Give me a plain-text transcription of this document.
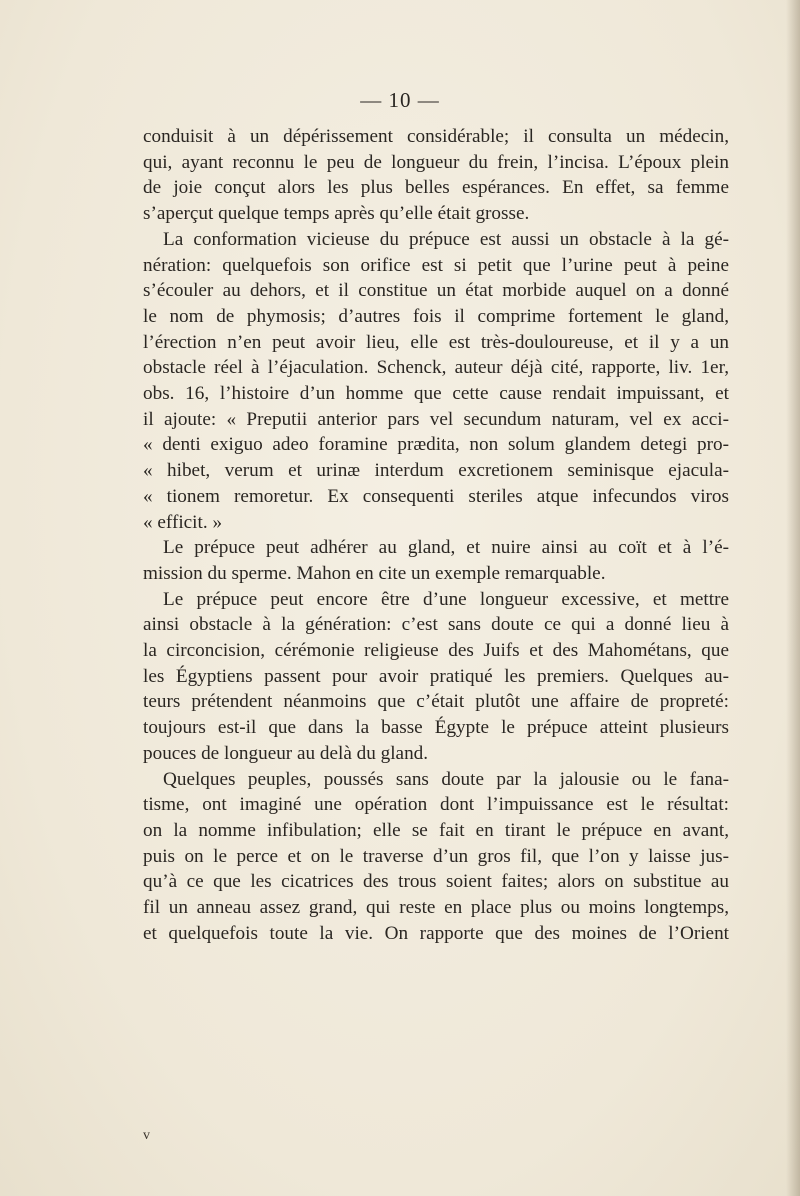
— 10 —
conduisit à un dépérissement considérable; il consulta un médecin,
qui, ayant reconnu le peu de longueur du frein, l’incisa. L’époux plein
de joie conçut alors les plus belles espérances. En effet, sa femme
s’aperçut quelque temps après qu’elle était grosse.
La conformation vicieuse du prépuce est aussi un obstacle à la gé-
nération: quelquefois son orifice est si petit que l’urine peut à peine
s’écouler au dehors, et il constitue un état morbide auquel on a donné
le nom de phymosis; d’autres fois il comprime fortement le gland,
l’érection n’en peut avoir lieu, elle est très-douloureuse, et il y a un
obstacle réel à l’éjaculation. Schenck, auteur déjà cité, rapporte, liv. 1er,
obs. 16, l’histoire d’un homme que cette cause rendait impuissant, et
il ajoute: « Preputii anterior pars vel secundum naturam, vel ex acci-
« denti exiguo adeo foramine prædita, non solum glandem detegi pro-
« hibet, verum et urinæ interdum excretionem seminisque ejacula-
« tionem remoretur. Ex consequenti steriles atque infecundos viros
« efficit. »
Le prépuce peut adhérer au gland, et nuire ainsi au coït et à l’é-
mission du sperme. Mahon en cite un exemple remarquable.
Le prépuce peut encore être d’une longueur excessive, et mettre
ainsi obstacle à la génération: c’est sans doute ce qui a donné lieu à
la circoncision, cérémonie religieuse des Juifs et des Mahométans, que
les Égyptiens passent pour avoir pratiqué les premiers. Quelques au-
teurs prétendent néanmoins que c’était plutôt une affaire de propreté:
toujours est-il que dans la basse Égypte le prépuce atteint plusieurs
pouces de longueur au delà du gland.
Quelques peuples, poussés sans doute par la jalousie ou le fana-
tisme, ont imaginé une opération dont l’impuissance est le résultat:
on la nomme infibulation; elle se fait en tirant le prépuce en avant,
puis on le perce et on le traverse d’un gros fil, que l’on y laisse jus-
qu’à ce que les cicatrices des trous soient faites; alors on substitue au
fil un anneau assez grand, qui reste en place plus ou moins longtemps,
et quelquefois toute la vie. On rapporte que des moines de l’Orient
v
